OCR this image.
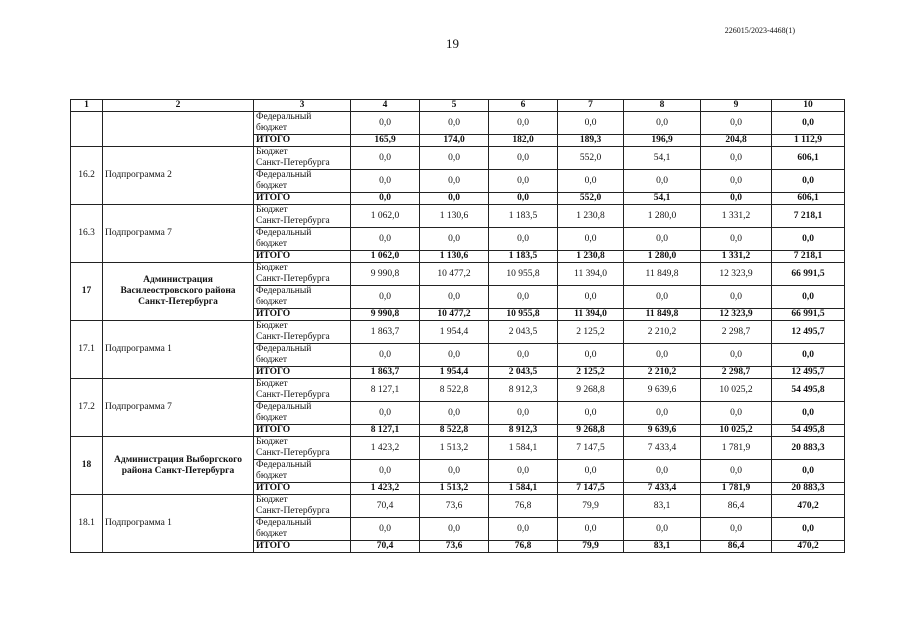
19
226015/2023-4468(1)
1	2	3	4	5	6	7	8	9	10
		Федеральный
бюджет	0,0	0,0	0,0	0,0	0,0	0,0	0,0
		ИТОГО	165,9	174,0	182,0	189,3	196,9	204,8	1 112,9
16.2	Подпрограмма 2	Бюджет
Санкт-Петербурга	0,0	0,0	0,0	552,0	54,1	0,0	606,1
		Федеральный
бюджет	0,0	0,0	0,0	0,0	0,0	0,0	0,0
		ИТОГО	0,0	0,0	0,0	552,0	54,1	0,0	606,1
16.3	Подпрограмма 7	Бюджет
Санкт-Петербурга	1 062,0	1 130,6	1 183,5	1 230,8	1 280,0	1 331,2	7 218,1
		Федеральный
бюджет	0,0	0,0	0,0	0,0	0,0	0,0	0,0
		ИТОГО	1 062,0	1 130,6	1 183,5	1 230,8	1 280,0	1 331,2	7 218,1
17	Администрация
Василеостровского района
Санкт-Петербурга	Бюджет
Санкт-Петербурга	9 990,8	10 477,2	10 955,8	11 394,0	11 849,8	12 323,9	66 991,5
		Федеральный
бюджет	0,0	0,0	0,0	0,0	0,0	0,0	0,0
		ИТОГО	9 990,8	10 477,2	10 955,8	11 394,0	11 849,8	12 323,9	66 991,5
17.1	Подпрограмма 1	Бюджет
Санкт-Петербурга	1 863,7	1 954,4	2 043,5	2 125,2	2 210,2	2 298,7	12 495,7
		Федеральный
бюджет	0,0	0,0	0,0	0,0	0,0	0,0	0,0
		ИТОГО	1 863,7	1 954,4	2 043,5	2 125,2	2 210,2	2 298,7	12 495,7
17.2	Подпрограмма 7	Бюджет
Санкт-Петербурга	8 127,1	8 522,8	8 912,3	9 268,8	9 639,6	10 025,2	54 495,8
		Федеральный
бюджет	0,0	0,0	0,0	0,0	0,0	0,0	0,0
		ИТОГО	8 127,1	8 522,8	8 912,3	9 268,8	9 639,6	10 025,2	54 495,8
18	Администрация Выборгского
района Санкт-Петербурга	Бюджет
Санкт-Петербурга	1 423,2	1 513,2	1 584,1	7 147,5	7 433,4	1 781,9	20 883,3
		Федеральный
бюджет	0,0	0,0	0,0	0,0	0,0	0,0	0,0
		ИТОГО	1 423,2	1 513,2	1 584,1	7 147,5	7 433,4	1 781,9	20 883,3
18.1	Подпрограмма 1	Бюджет
Санкт-Петербурга	70,4	73,6	76,8	79,9	83,1	86,4	470,2
		Федеральный
бюджет	0,0	0,0	0,0	0,0	0,0	0,0	0,0
		ИТОГО	70,4	73,6	76,8	79,9	83,1	86,4	470,2
